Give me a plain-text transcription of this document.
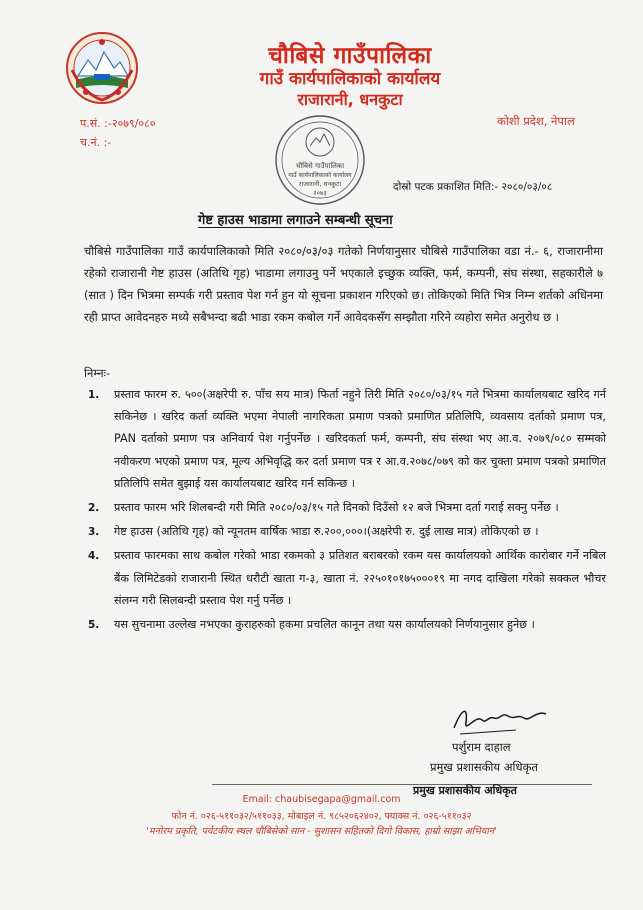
चौबिसे गाउँपालिका
गाउँ कार्यपालिकाको कार्यालय
राजारानी, धनकुटा
प.सं. :-२०७९/०८०
च.नं. :-
कोशी प्रदेश, नेपाल
चौबिसे गाउँपालिका
गाउँ कार्यपालिकाको कार्यालय
राजारानी, धनकुटा
२०७३	दोस्रो पटक प्रकाशित मिति:- २०८०/०३/०८
गेष्ट हाउस भाडामा लगाउने सम्बन्धी सूचना

चौबिसे गाउँपालिका गाउँ कार्यपालिकाको मिति २०८०/०३/०३ गतेको निर्णयानुसार चौबिसे गाउँपालिका वडा नं.- ६, राजारानीमा रहेको राजारानी गेष्ट हाउस (अतिथि गृह) भाडामा लगाउनु पर्ने भएकाले इच्छुक व्यक्ति, फर्म, कम्पनी, संघ संस्था, सहकारीले ७ (सात ) दिन भित्रमा सम्पर्क गरी प्रस्ताव पेश गर्न हुन यो सूचना प्रकाशन गरिएको छ। तोकिएको मिति भित्र निम्न शर्तको अधिनमा रही प्राप्त आवेदनहरु मध्ये सबैभन्दा बढी भाडा रकम कबोल गर्ने आवेदकसँग सम्झौता गरिने व्यहोरा समेत अनुरोध छ ।

निम्नः-
1. प्रस्ताव फारम रु. ५००(अक्षरेपी रु. पाँच सय मात्र) फिर्ता नहुने तिरी मिति २०८०/०३/१५ गते भित्रमा कार्यालयबाट खरिद गर्न सकिनेछ । खरिद कर्ता व्यक्ति भएमा नेपाली नागरिकता प्रमाण पत्रको प्रमाणित प्रतिलिपि, व्यवसाय दर्ताको प्रमाण पत्र, PAN दर्ताको प्रमाण पत्र अनिवार्य पेश गर्नुपर्नेछ । खरिदकर्ता फर्म, कम्पनी, संघ संस्था भए आ.व. २०७९/०८० सम्मको नवीकरण भएको प्रमाण पत्र, मूल्य अभिवृद्धि कर दर्ता प्रमाण पत्र र आ.व.२०७८/०७९ को कर चुक्ता प्रमाण पत्रको प्रमाणित प्रतिलिपि समेत बुझाई यस कार्यालयबाट खरिद गर्न सकिन्छ ।
2. प्रस्ताव फारम भरि शिलबन्दी गरी मिति २०८०/०३/१५ गते दिनको दिउँसो १२ बजे भित्रमा दर्ता गराई सक्नु पर्नेछ ।
3. गेष्ट हाउस (अतिथि गृह) को न्यूनतम वार्षिक भाडा रु.२००,०००।(अक्षरेपी रु. दुई लाख मात्र) तोकिएको छ ।
4. प्रस्ताव फारमका साथ कबोल गरेको भाडा रकमको ३ प्रतिशत बराबरको रकम यस कार्यालयको आर्थिक कारोबार गर्ने नबिल बैंक लिमिटेडको राजारानी स्थित धरौटी खाता ग-३, खाता नं. २२५०१०१७५०००१९ मा नगद दाखिला गरेको सक्कल भौचर संलग्न गरी सिलबन्दी प्रस्ताव पेश गर्नु पर्नेछ ।
5. यस सुचनामा उल्लेख नभएका कुराहरुको हकमा प्रचलित कानून तथा यस कार्यालयको निर्णयानुसार हुनेछ ।
पर्शुराम दाहाल
प्रमुख प्रशासकीय अधिकृत
प्रमुख प्रशासकीय अधिकृत
Email: chaubisegapa@gmail.com
फोन नं. ०२६-५११०३२/५११०३३, मोबाइल नं. ९८५२०६२४०२, फ्याक्स नं. ०२६-५११०३२
'मनोरम प्रकृति, पर्यटकीय स्थल चौबिसेको सान - सुशासन सहितको दिगो विकास, हाम्रो साझा अभियान'
